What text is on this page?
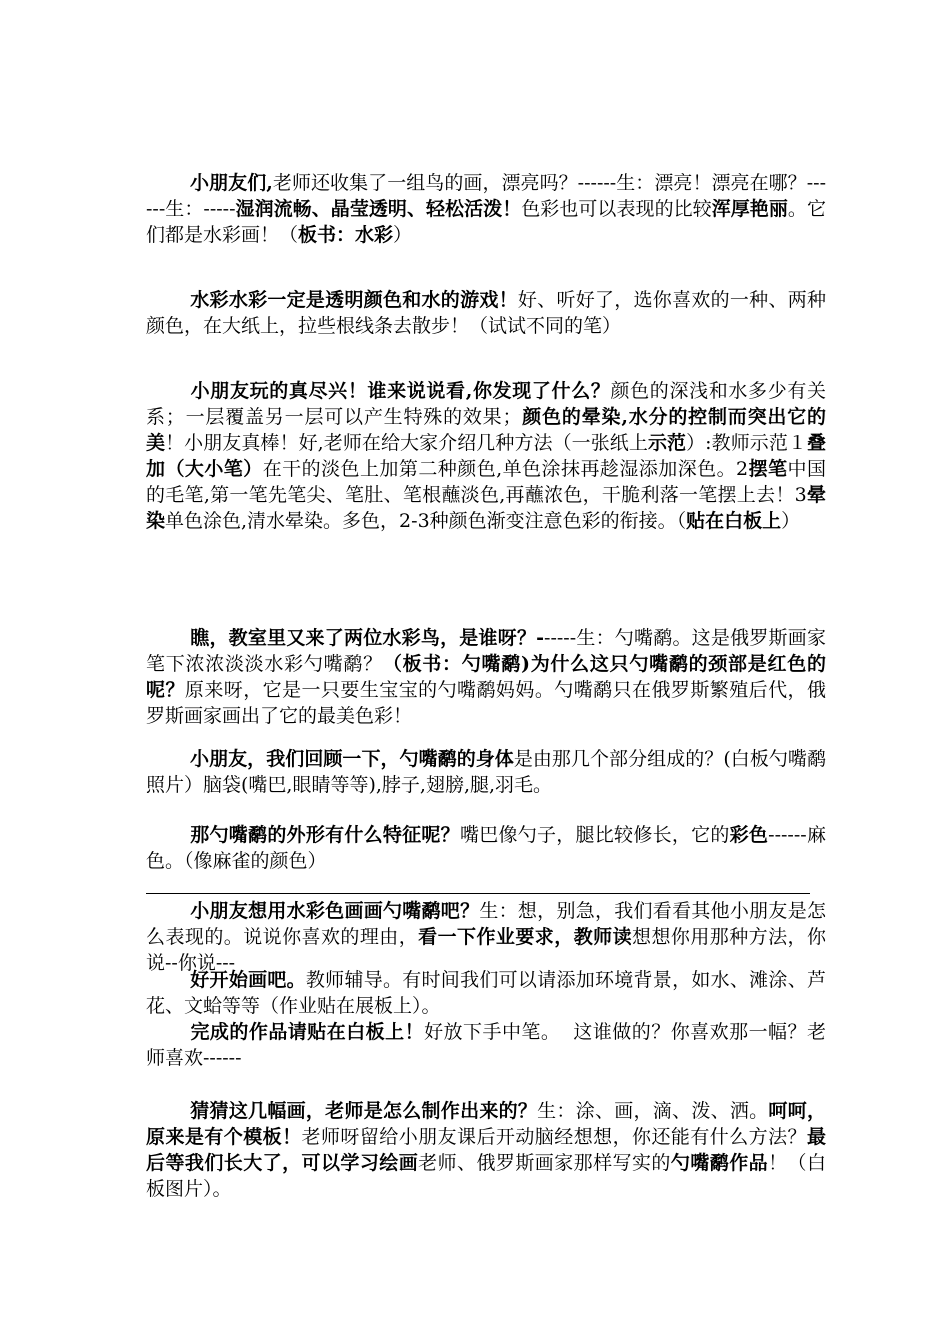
小朋友们,老师还收集了一组鸟的画，漂亮吗？------生：漂亮！漂亮在哪？------生：-----湿润流畅、晶莹透明、轻松活泼！色彩也可以表现的比较浑厚艳丽。它们都是水彩画！（板书：水彩）

水彩水彩一定是透明颜色和水的游戏！好、听好了，选你喜欢的一种、两种颜色，在大纸上，拉些根线条去散步！（试试不同的笔）

小朋友玩的真尽兴！谁来说说看,你发现了什么？颜色的深浅和水多少有关系；一层覆盖另一层可以产生特殊的效果；颜色的晕染,水分的控制而突出它的美！小朋友真棒！好,老师在给大家介绍几种方法（一张纸上示范）:教师示范１叠加（大小笔）在干的淡色上加第二种颜色,单色涂抹再趁湿添加深色。2摆笔中国的毛笔,第一笔先笔尖、笔肚、笔根蘸淡色,再蘸浓色，干脆利落一笔摆上去！3晕染单色涂色,清水晕染。多色，2-3种颜色渐变注意色彩的衔接。（贴在白板上）

瞧，教室里又来了两位水彩鸟，是谁呀？------生：勺嘴鹬。这是俄罗斯画家笔下浓浓淡淡水彩勺嘴鹬？（板书：勺嘴鹬)为什么这只勺嘴鹬的颈部是红色的呢？原来呀，它是一只要生宝宝的勺嘴鹬妈妈。勺嘴鹬只在俄罗斯繁殖后代，俄罗斯画家画出了它的最美色彩！

小朋友，我们回顾一下，勺嘴鹬的身体是由那几个部分组成的？(白板勺嘴鹬照片）脑袋(嘴巴,眼睛等等),脖子,翅膀,腿,羽毛。

那勺嘴鹬的外形有什么特征呢？嘴巴像勺子，腿比较修长，它的彩色------麻色。（像麻雀的颜色）

小朋友想用水彩色画画勺嘴鹬吧？生：想，别急，我们看看其他小朋友是怎么表现的。说说你喜欢的理由，看一下作业要求，教师读想想你用那种方法，你说--你说---

好开始画吧。教师辅导。有时间我们可以请添加环境背景，如水、滩涂、芦花、文蛤等等（作业贴在展板上）。

完成的作品请贴在白板上！好放下手中笔。  这谁做的？你喜欢那一幅？老师喜欢------

猜猜这几幅画，老师是怎么制作出来的？生：涂、画，滴、泼、洒。呵呵，原来是有个模板！老师呀留给小朋友课后开动脑经想想，你还能有什么方法？最后等我们长大了，可以学习绘画老师、俄罗斯画家那样写实的勺嘴鹬作品！（白板图片）。
